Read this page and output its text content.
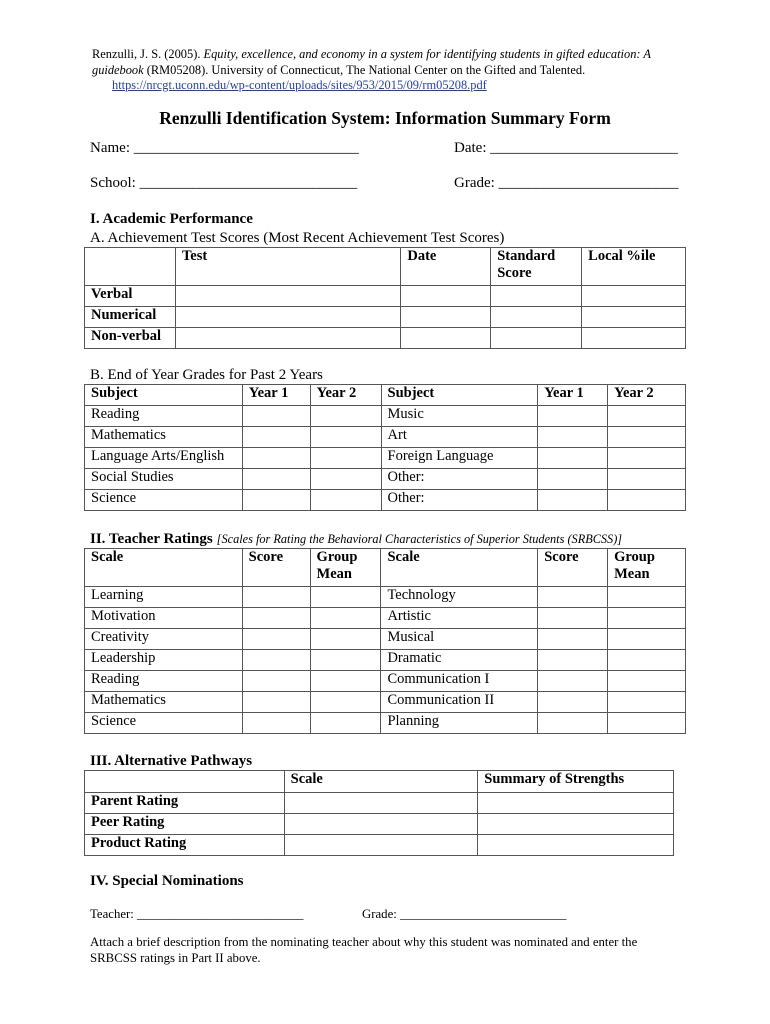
Renzulli, J. S. (2005). Equity, excellence, and economy in a system for identifying students in gifted education: A guidebook (RM05208). University of Connecticut, The National Center on the Gifted and Talented.
https://nrcgt.uconn.edu/wp-content/uploads/sites/953/2015/09/rm05208.pdf
Renzulli Identification System: Information Summary Form
Name: ______________________________	Date: _________________________
School: _____________________________	Grade: ________________________
I. Academic Performance
A. Achievement Test Scores (Most Recent Achievement Test Scores)
	Test	Date	Standard Score	Local %ile
Verbal				
Numerical				
Non-verbal				
B. End of Year Grades for Past 2 Years
Subject	Year 1	Year 2	Subject	Year 1	Year 2
Reading			Music		
Mathematics			Art		
Language Arts/English			Foreign Language		
Social Studies			Other:		
Science			Other:		
II. Teacher Ratings [Scales for Rating the Behavioral Characteristics of Superior Students (SRBCSS)]
Scale	Score	Group Mean	Scale	Score	Group Mean
Learning			Technology		
Motivation			Artistic		
Creativity			Musical		
Leadership			Dramatic		
Reading			Communication I		
Mathematics			Communication II		
Science			Planning		
III. Alternative Pathways
	Scale	Summary of Strengths
Parent Rating		
Peer Rating		
Product Rating		
IV. Special Nominations
Teacher: __________________________	Grade: __________________________
Attach a brief description from the nominating teacher about why this student was nominated and enter the SRBCSS ratings in Part II above.
